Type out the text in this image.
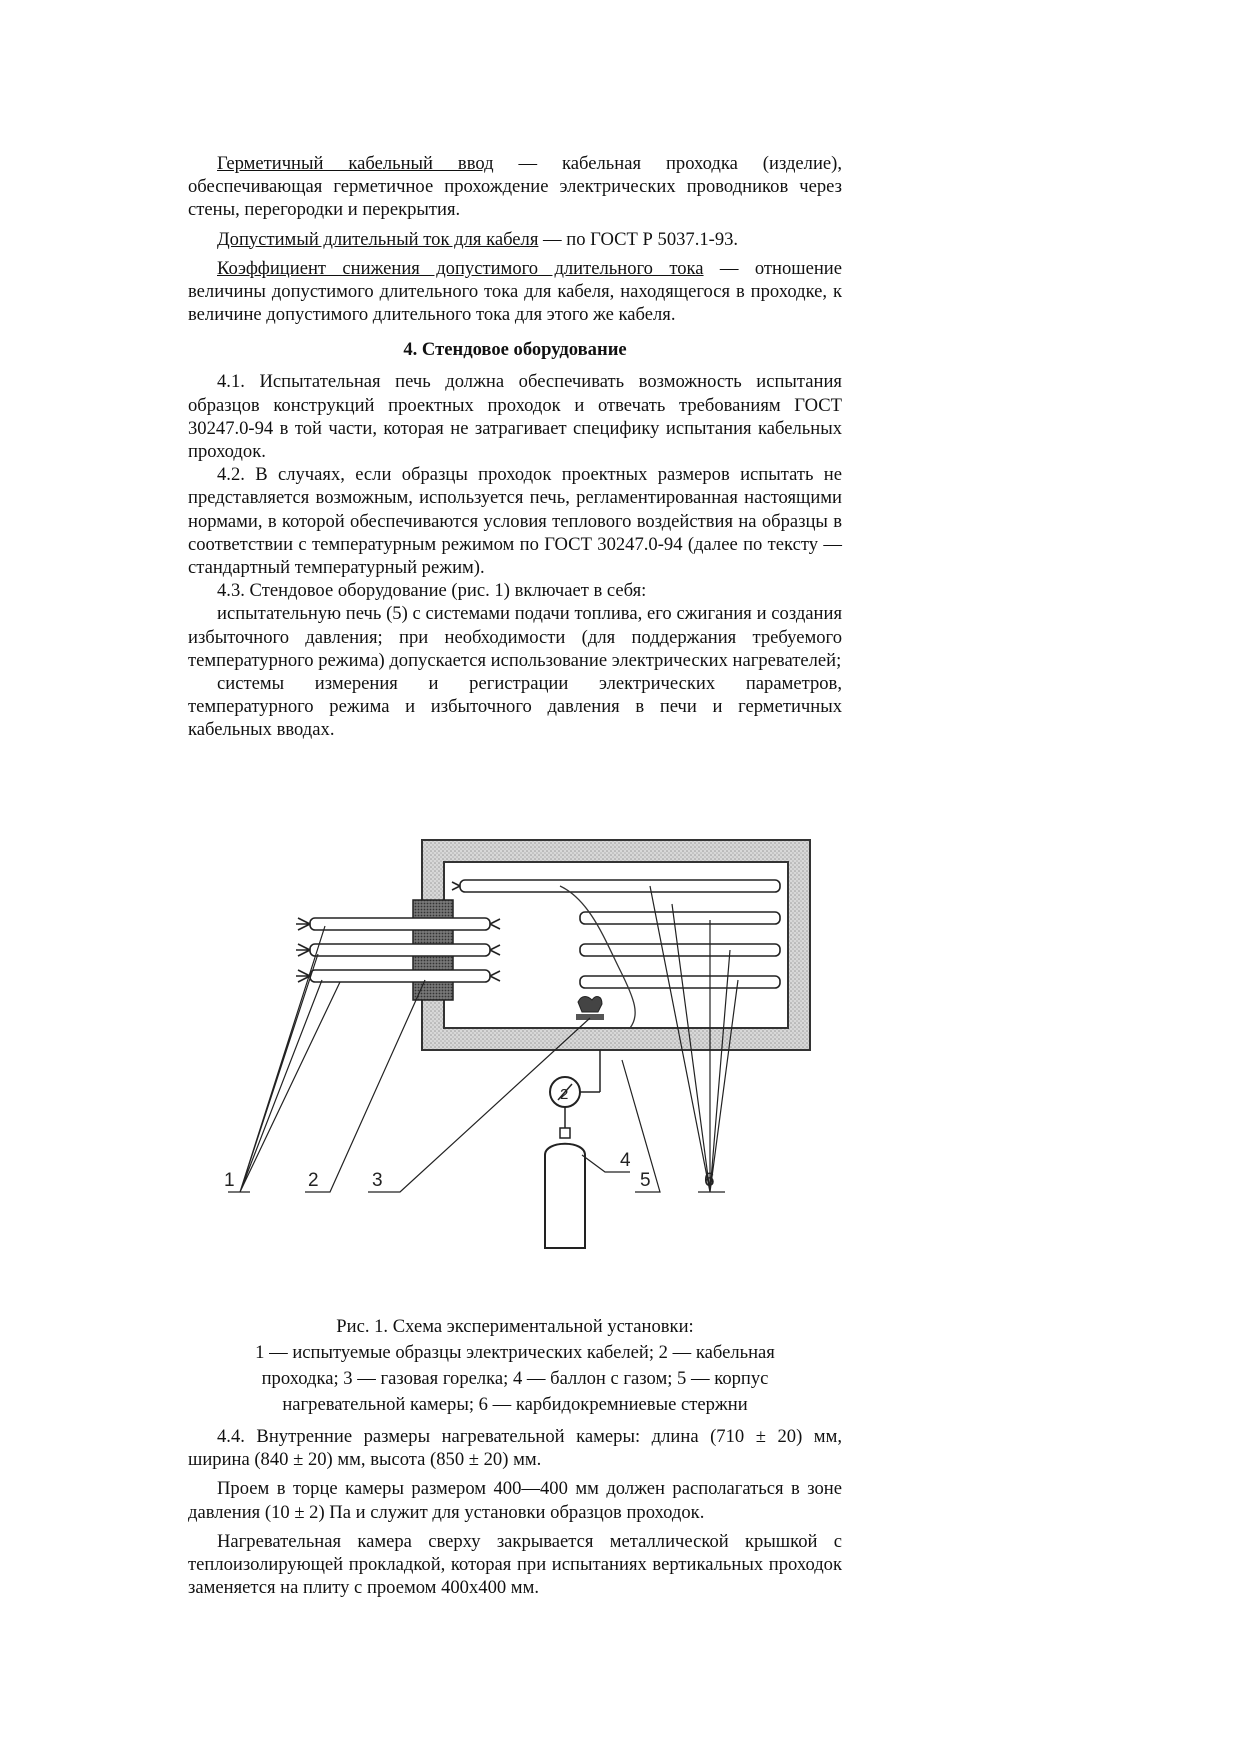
Герметичный кабельный ввод — кабельная проходка (изделие), обеспечивающая герметичное прохождение электрических проводников через стены, перегородки и перекрытия.

Допустимый длительный ток для кабеля — по ГОСТ Р 5037.1-93.

Коэффициент снижения допустимого длительного тока — отношение величины допустимого длительного тока для кабеля, находящегося в проходке, к величине допустимого длительного тока для этого же кабеля.

4. Стендовое оборудование

4.1. Испытательная печь должна обеспечивать возможность испытания образцов конструкций проектных проходок и отвечать требованиям ГОСТ 30247.0-94 в той части, которая не затрагивает специфику испытания кабельных проходок.

4.2. В случаях, если образцы проходок проектных размеров испытать не представляется возможным, используется печь, регламентированная настоящими нормами, в которой обеспечиваются условия теплового воздействия на образцы в соответствии с температурным режимом по ГОСТ 30247.0-94 (далее по тексту — стандартный температурный режим).

4.3. Стендовое оборудование (рис. 1) включает в себя:

испытательную печь (5) с системами подачи топлива, его сжигания и создания избыточного давления; при необходимости (для поддержания требуемого температурного режима) допускается использование электрических нагревателей;

системы измерения и регистрации электрических параметров, температурного режима и избыточного давления в печи и герметичных кабельных вводах.

1	2	3
4
5	6
2
Рис. 1. Схема экспериментальной установки:
1 — испытуемые образцы электрических кабелей; 2 — кабельная
проходка; 3 — газовая горелка; 4 — баллон с газом; 5 — корпус
нагревательной камеры; 6 — карбидокремниевые стержни

4.4. Внутренние размеры нагревательной камеры: длина (710 ± 20) мм, ширина (840 ± 20) мм, высота (850 ± 20) мм.

Проем в торце камеры размером 400—400 мм должен располагаться в зоне давления (10 ± 2) Па и служит для установки образцов проходок.

Нагревательная камера сверху закрывается металлической крышкой с теплоизолирующей прокладкой, которая при испытаниях вертикальных проходок заменяется на плиту с проемом 400х400 мм.
